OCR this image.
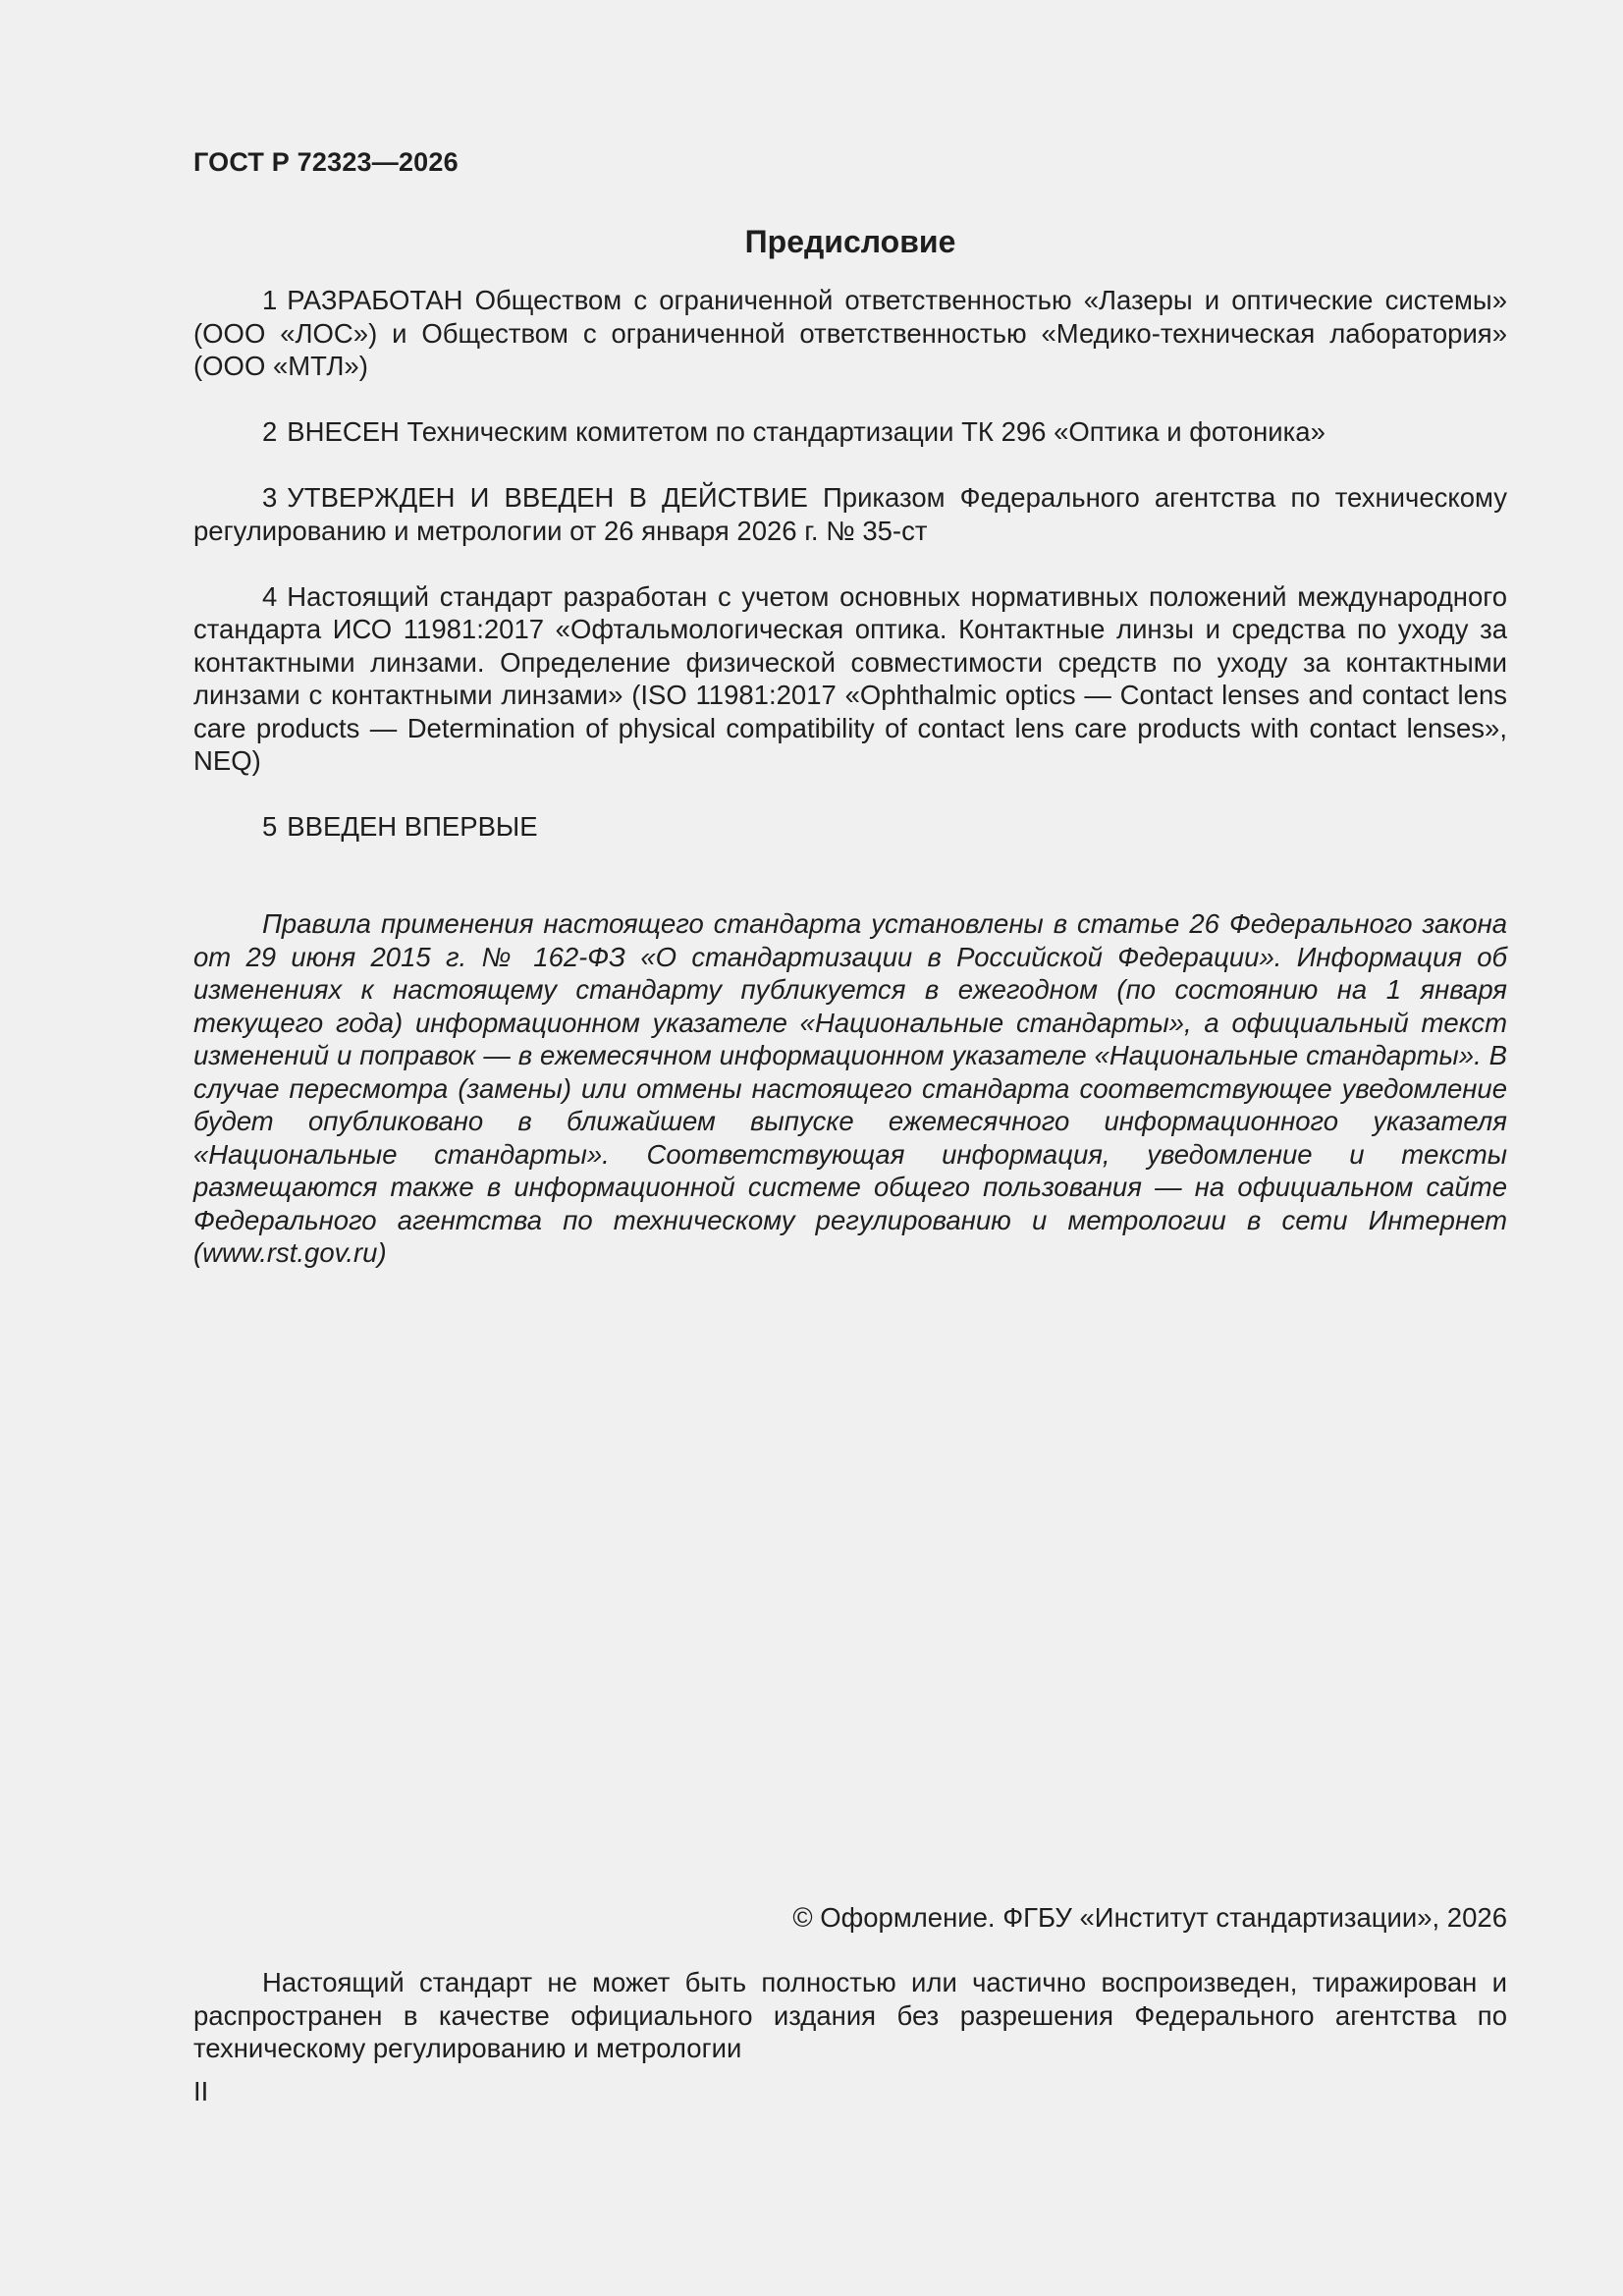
ГОСТ Р 72323—2026
Предисловие

1 РАЗРАБОТАН Обществом с ограниченной ответственностью «Лазеры и оптические системы» (ООО «ЛОС») и Обществом с ограниченной ответственностью «Медико-техническая лаборатория» (ООО «МТЛ»)

2 ВНЕСЕН Техническим комитетом по стандартизации ТК 296 «Оптика и фотоника»

3 УТВЕРЖДЕН И ВВЕДЕН В ДЕЙСТВИЕ Приказом Федерального агентства по техническому регулированию и метрологии от 26 января 2026 г. № 35-ст

4 Настоящий стандарт разработан с учетом основных нормативных положений международного стандарта ИСО 11981:2017 «Офтальмологическая оптика. Контактные линзы и средства по уходу за контактными линзами. Определение физической совместимости средств по уходу за контактными линзами с контактными линзами» (ISO 11981:2017 «Ophthalmic optics — Contact lenses and contact lens care products — Determination of physical compatibility of contact lens care products with contact lenses», NEQ)

5 ВВЕДЕН ВПЕРВЫЕ

Правила применения настоящего стандарта установлены в статье 26 Федерального закона от 29 июня 2015 г. № 162-ФЗ «О стандартизации в Российской Федерации». Информация об изменениях к настоящему стандарту публикуется в ежегодном (по состоянию на 1 января текущего года) информационном указателе «Национальные стандарты», а официальный текст изменений и поправок — в ежемесячном информационном указателе «Национальные стандарты». В случае пересмотра (замены) или отмены настоящего стандарта соответствующее уведомление будет опубликовано в ближайшем выпуске ежемесячного информационного указателя «Национальные стандарты». Соответствующая информация, уведомление и тексты размещаются также в информационной системе общего пользования — на официальном сайте Федерального агентства по техническому регулированию и метрологии в сети Интернет (www.rst.gov.ru)

© Оформление. ФГБУ «Институт стандартизации», 2026

Настоящий стандарт не может быть полностью или частично воспроизведен, тиражирован и распространен в качестве официального издания без разрешения Федерального агентства по техническому регулированию и метрологии

II
